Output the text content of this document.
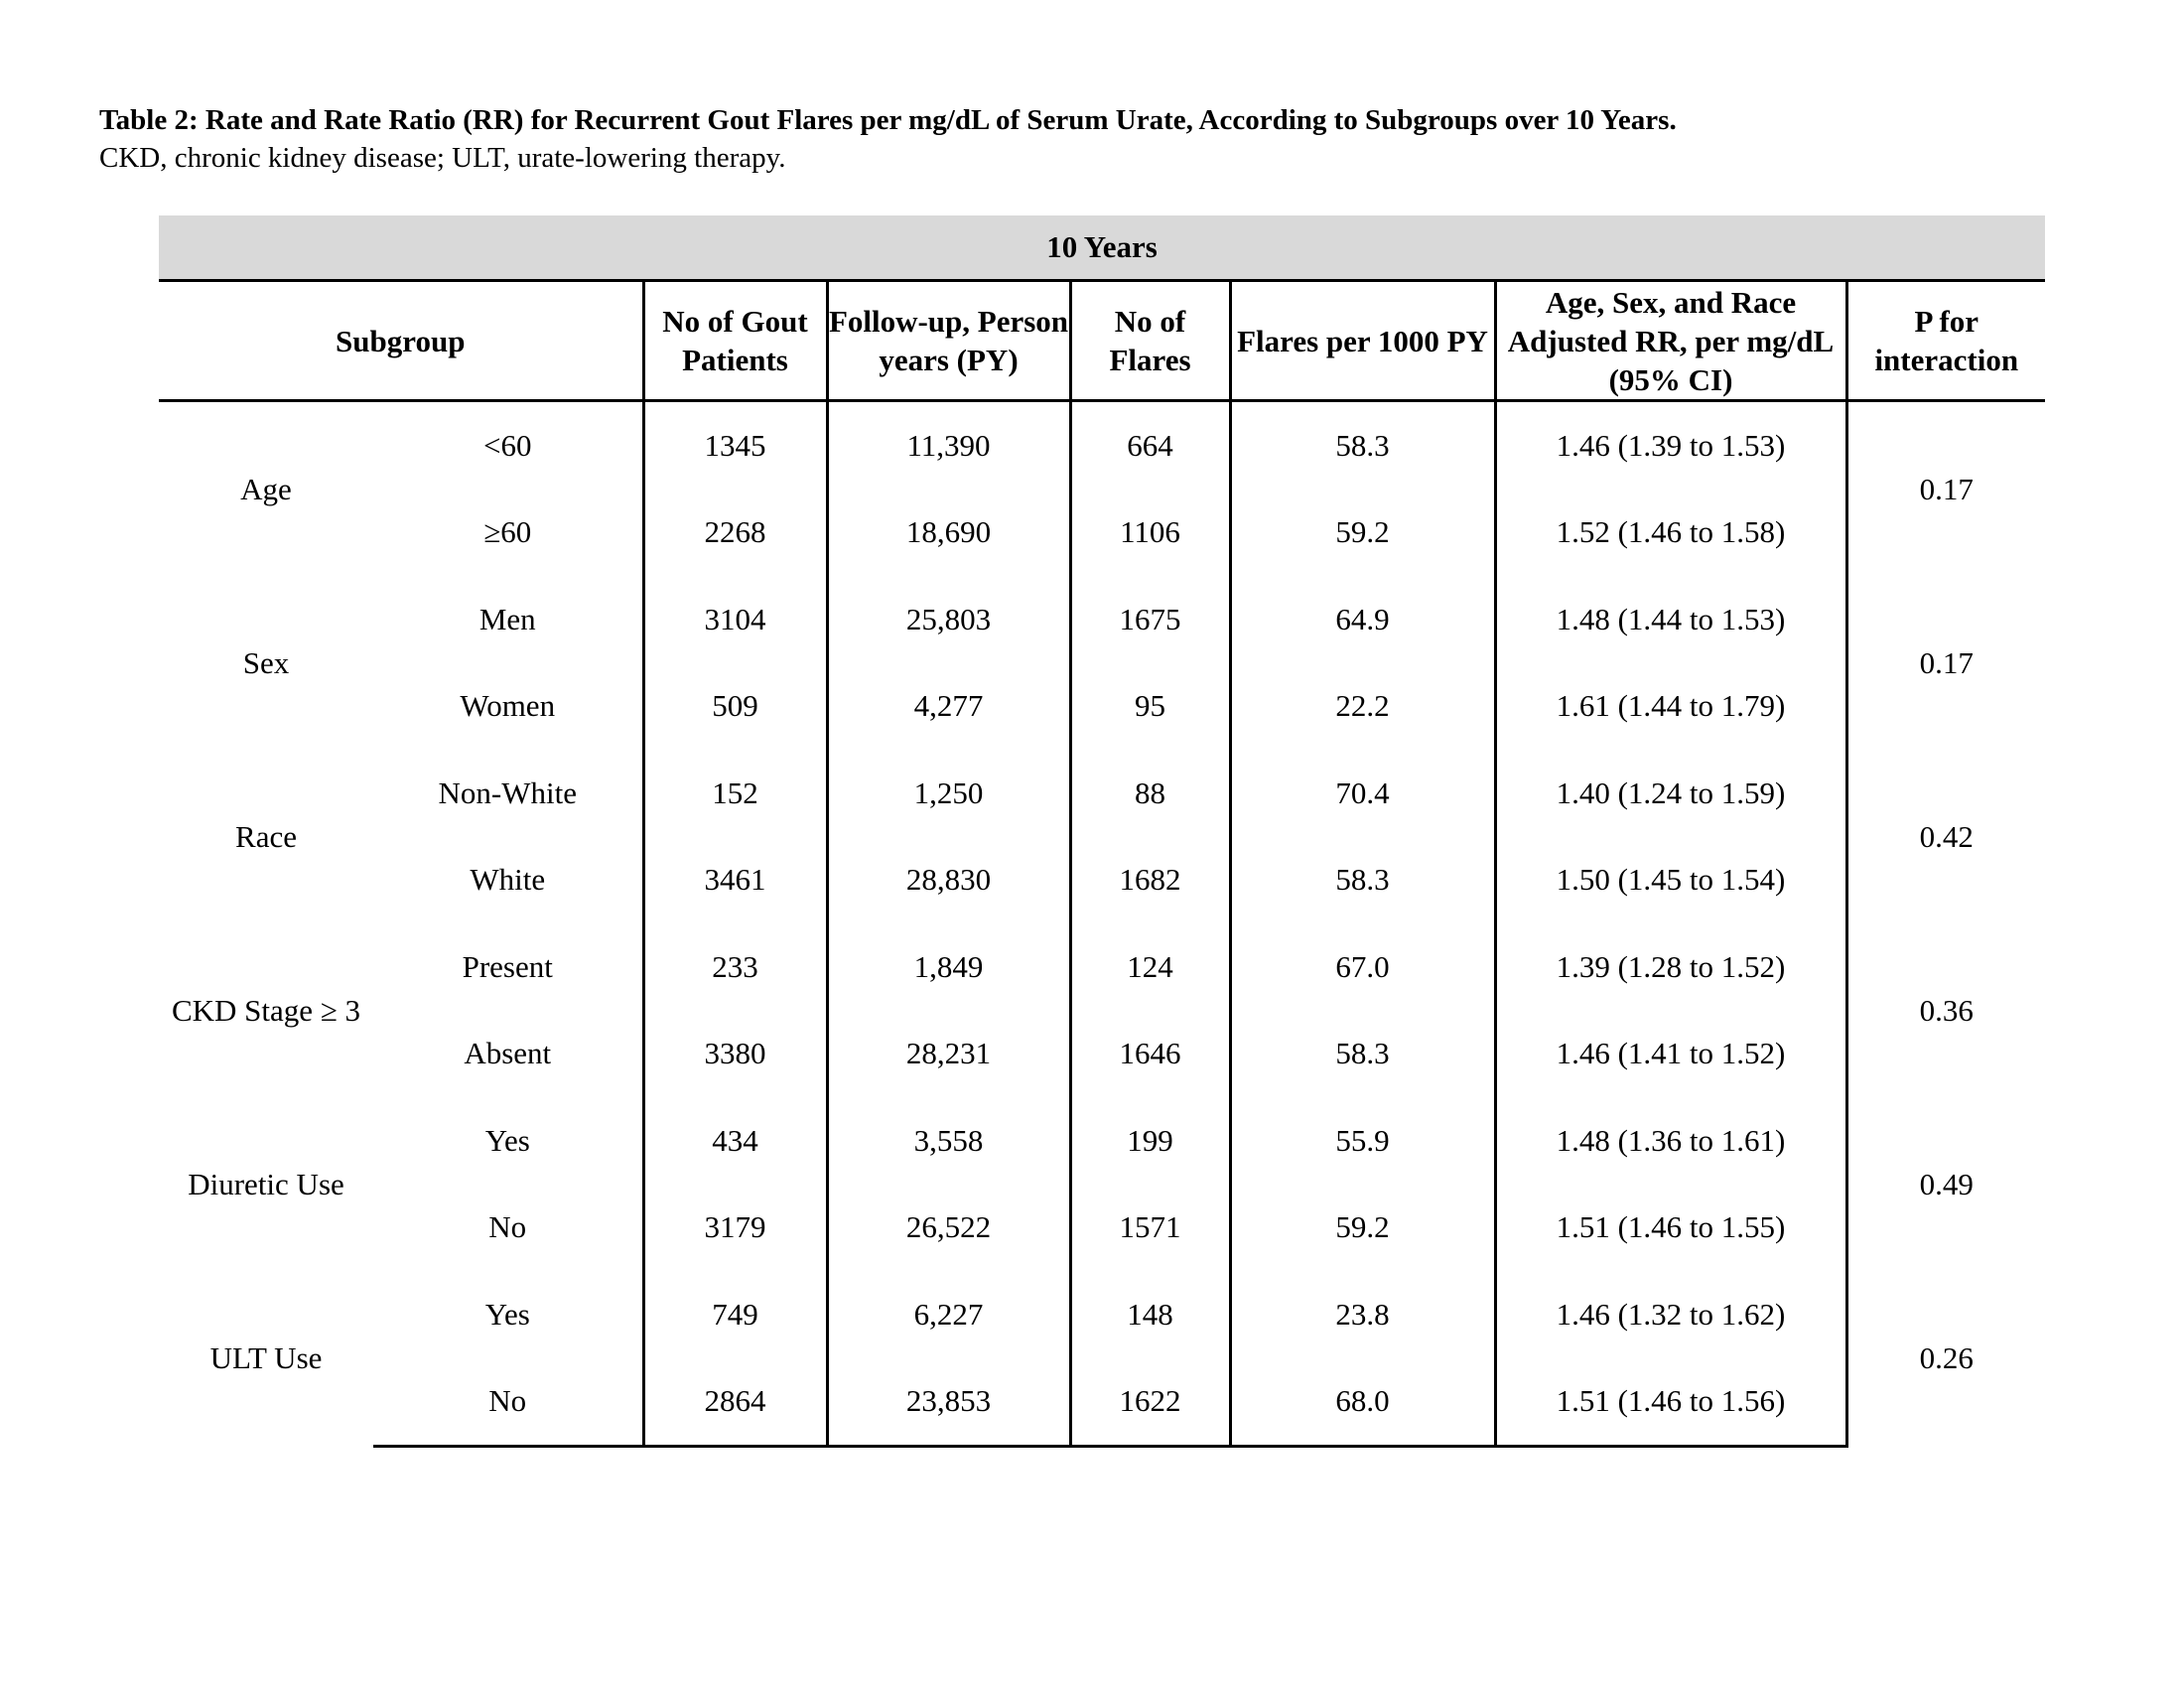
Table 2: Rate and Rate Ratio (RR) for Recurrent Gout Flares per mg/dL of Serum Urate, According to Subgroups over 10 Years.
CKD, chronic kidney disease; ULT, urate-lowering therapy.
10 Years							
Subgroup		No of Gout Patients	Follow-up, Person years (PY)	No of Flares	Flares per 1000 PY	Age, Sex, and Race Adjusted RR, per mg/dL (95% CI)	P for interaction
Age	<60	1345	11,390	664	58.3	1.46 (1.39 to 1.53)	0.17
	≥60	2268	18,690	1106	59.2	1.52 (1.46 to 1.58)	
Sex	Men	3104	25,803	1675	64.9	1.48 (1.44 to 1.53)	0.17
	Women	509	4,277	95	22.2	1.61 (1.44 to 1.79)	
Race	Non-White	152	1,250	88	70.4	1.40 (1.24 to 1.59)	0.42
	White	3461	28,830	1682	58.3	1.50 (1.45 to 1.54)	
CKD Stage ≥ 3	Present	233	1,849	124	67.0	1.39 (1.28 to 1.52)	0.36
	Absent	3380	28,231	1646	58.3	1.46 (1.41 to 1.52)	
Diuretic Use	Yes	434	3,558	199	55.9	1.48 (1.36 to 1.61)	0.49
	No	3179	26,522	1571	59.2	1.51 (1.46 to 1.55)	
ULT Use	Yes	749	6,227	148	23.8	1.46 (1.32 to 1.62)	0.26
	No	2864	23,853	1622	68.0	1.51 (1.46 to 1.56)	
